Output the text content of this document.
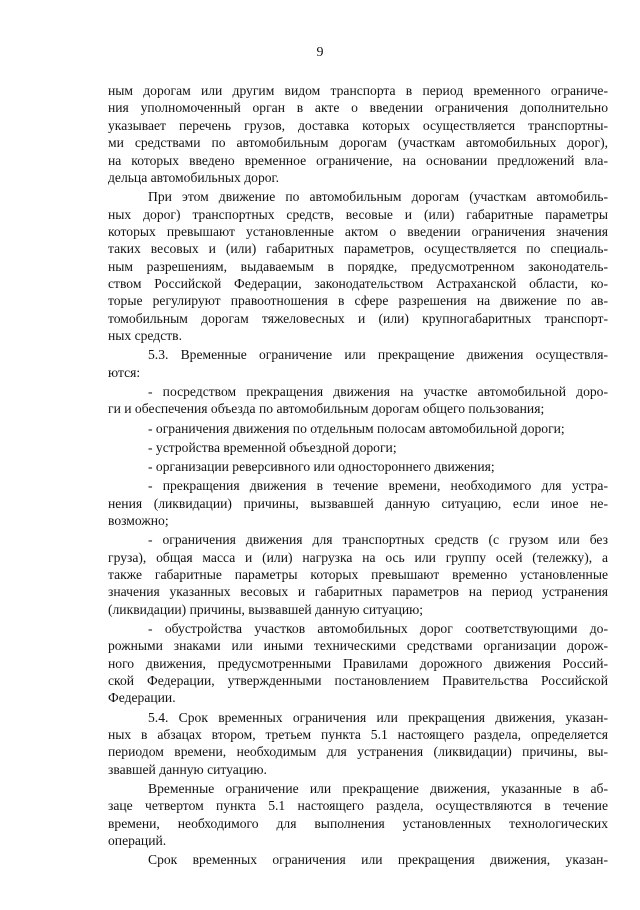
9
ным дорогам или другим видом транспорта в период временного ограниче-
ния уполномоченный орган в акте о введении ограничения дополнительно
указывает перечень грузов, доставка которых осуществляется транспортны-
ми средствами по автомобильным дорогам (участкам автомобильных дорог),
на которых введено временное ограничение, на основании предложений вла-
дельца автомобильных дорог.
При этом движение по автомобильным дорогам (участкам автомобиль-
ных дорог) транспортных средств, весовые и (или) габаритные параметры
которых превышают установленные актом о введении ограничения значения
таких весовых и (или) габаритных параметров, осуществляется по специаль-
ным разрешениям, выдаваемым в порядке, предусмотренном законодатель-
ством Российской Федерации, законодательством Астраханской области, ко-
торые регулируют правоотношения в сфере разрешения на движение по ав-
томобильным дорогам тяжеловесных и (или) крупногабаритных транспорт-
ных средств.
5.3. Временные ограничение или прекращение движения осуществля-
ются:
- посредством прекращения движения на участке автомобильной доро-
ги и обеспечения объезда по автомобильным дорогам общего пользования;
- ограничения движения по отдельным полосам автомобильной дороги;
- устройства временной объездной дороги;
- организации реверсивного или одностороннего движения;
- прекращения движения в течение времени, необходимого для устра-
нения (ликвидации) причины, вызвавшей данную ситуацию, если иное не-
возможно;
- ограничения движения для транспортных средств (с грузом или без
груза), общая масса и (или) нагрузка на ось или группу осей (тележку), а
также габаритные параметры которых превышают временно установленные
значения указанных весовых и габаритных параметров на период устранения
(ликвидации) причины, вызвавшей данную ситуацию;
- обустройства участков автомобильных дорог соответствующими до-
рожными знаками или иными техническими средствами организации дорож-
ного движения, предусмотренными Правилами дорожного движения Россий-
ской Федерации, утвержденными постановлением Правительства Российской
Федерации.
5.4. Срок временных ограничения или прекращения движения, указан-
ных в абзацах втором, третьем пункта 5.1 настоящего раздела, определяется
периодом времени, необходимым для устранения (ликвидации) причины, вы-
звавшей данную ситуацию.
Временные ограничение или прекращение движения, указанные в аб-
заце четвертом пункта 5.1 настоящего раздела, осуществляются в течение
времени, необходимого для выполнения установленных технологических
операций.
Срок временных ограничения или прекращения движения, указан-
